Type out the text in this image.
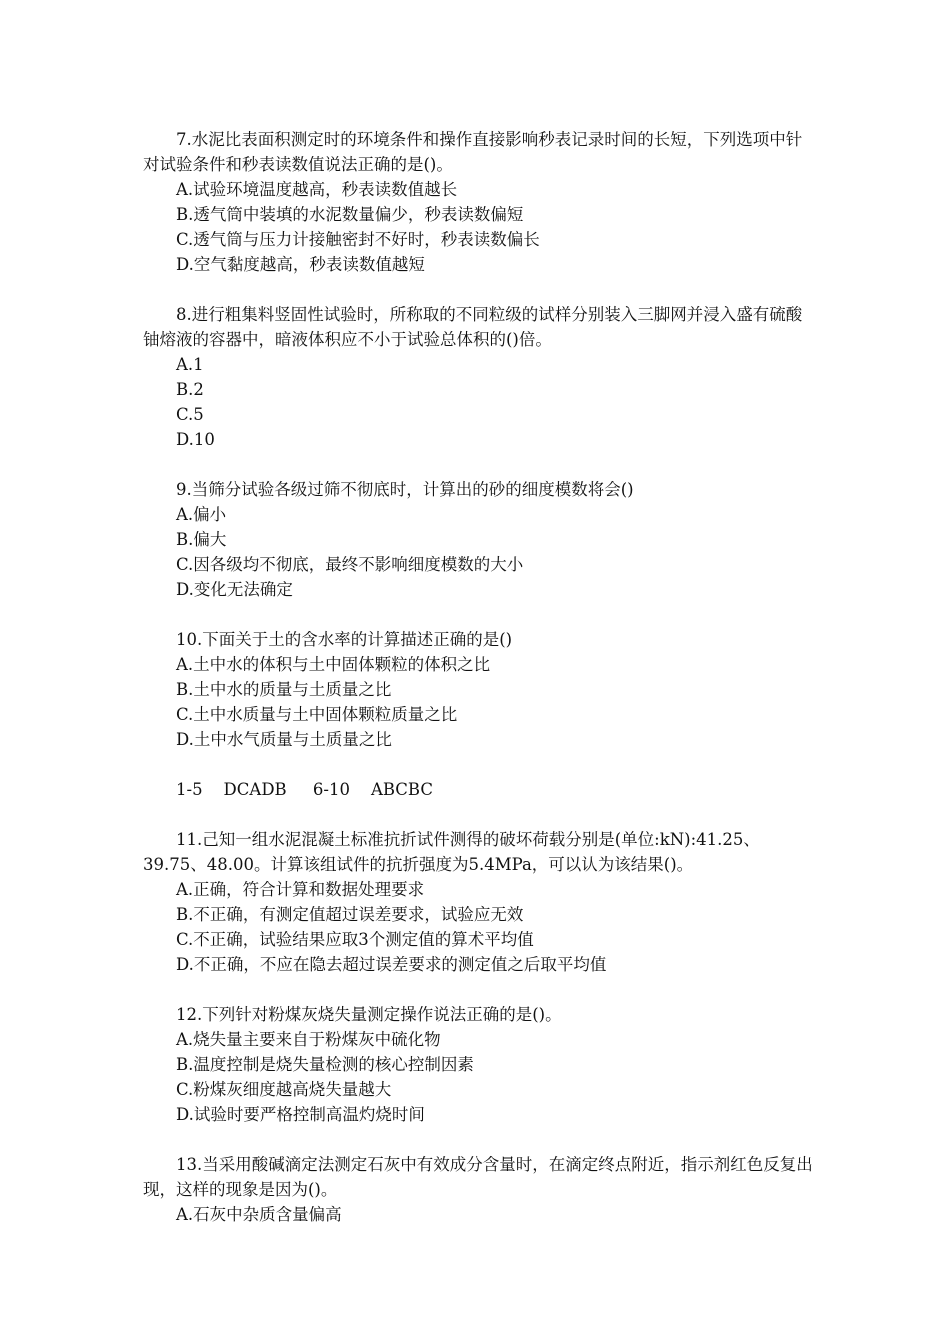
7.水泥比表面积测定时的环境条件和操作直接影响秒表记录时间的长短，下列选项中针对试验条件和秒表读数值说法正确的是()。

A.试验环境温度越高，秒表读数值越长

B.透气筒中装填的水泥数量偏少，秒表读数偏短

C.透气筒与压力计接触密封不好时，秒表读数偏长

D.空气黏度越高，秒表读数值越短

8.进行粗集料竖固性试验时，所称取的不同粒级的试样分别装入三脚网并浸入盛有硫酸铀熔液的容器中，暗液体积应不小于试验总体积的()倍。

A.1

B.2

C.5

D.10

9.当筛分试验各级过筛不彻底时，计算出的砂的细度模数将会()

A.偏小

B.偏大

C.因各级均不彻底，最终不影响细度模数的大小

D.变化无法确定

10.下面关于土的含水率的计算描述正确的是()

A.土中水的体积与土中固体颗粒的体积之比

B.土中水的质量与土质量之比

C.土中水质量与土中固体颗粒质量之比

D.土中水气质量与土质量之比

1-5    DCADB     6-10    ABCBC

11.己知一组水泥混凝土标准抗折试件测得的破坏荷载分别是(单位:kN):41.25、39.75、48.00。计算该组试件的抗折强度为5.4MPa，可以认为该结果()。

A.正确，符合计算和数据处理要求

B.不正确，有测定值超过误差要求，试验应无效

C.不正确，试验结果应取3个测定值的算术平均值

D.不正确，不应在隐去超过误差要求的测定值之后取平均值

12.下列针对粉煤灰烧失量测定操作说法正确的是()。

A.烧失量主要来自于粉煤灰中硫化物

B.温度控制是烧失量检测的核心控制因素

C.粉煤灰细度越高烧失量越大

D.试验时要严格控制高温灼烧时间

13.当采用酸碱滴定法测定石灰中有效成分含量时，在滴定终点附近，指示剂红色反复出现，这样的现象是因为()。

A.石灰中杂质含量偏高
